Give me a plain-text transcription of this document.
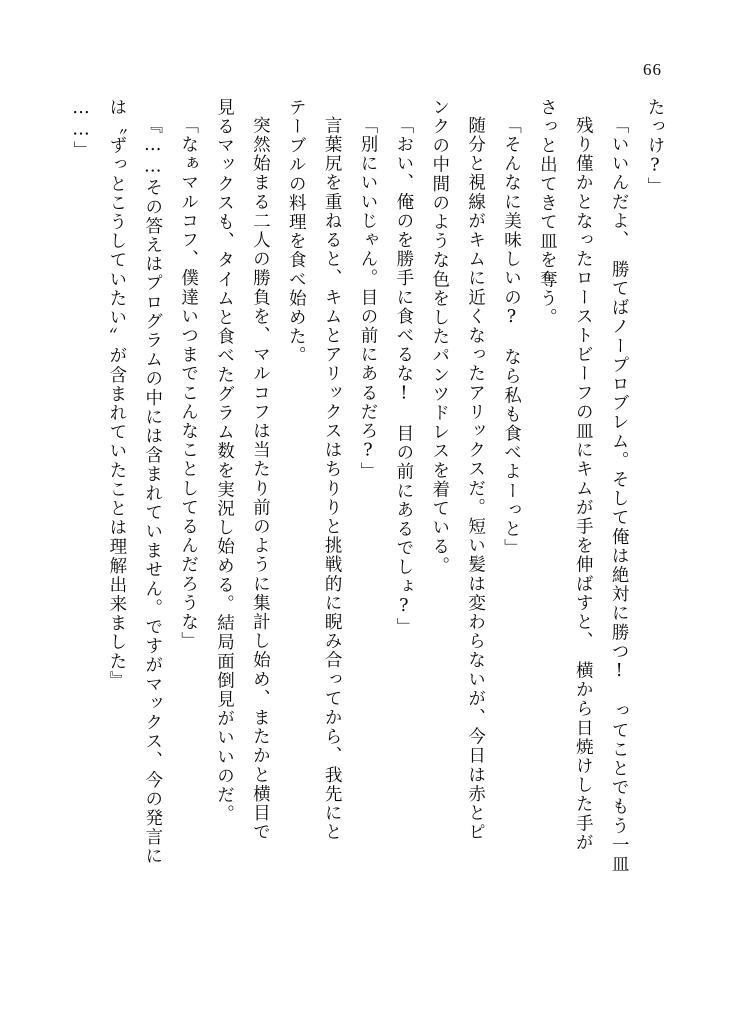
66

たっけ?」

「いいんだよ、　勝てばノープロブレム。そして俺は絶対に勝つ!　ってことでもう一皿

残り僅かとなったローストビーフの皿にキムが手を伸ばすと、　横から日焼けした手が

さっと出てきて皿を奪う。

「そんなに美味しいの?　なら私も食べよーっと」

随分と視線がキムに近くなったアリックスだ。短い髪は変わらないが、今日は赤とピ

ンクの中間のような色をしたパンツドレスを着ている。

「おい、俺のを勝手に食べるな!　目の前にあるでしょ?」

「別にいいじゃん。目の前にあるだろ?」

言葉尻を重ねると、キムとアリックスはちりりと挑戦的に睨み合ってから、我先にと

テーブルの料理を食べ始めた。

突然始まる二人の勝負を、マルコフは当たり前のように集計し始め、またかと横目で

見るマックスも、タイムと食べたグラム数を実況し始める。結局面倒見がいいのだ。

「なぁマルコフ、僕達いつまでこんなことしてるんだろうな」

『……その答えはプログラムの中には含まれていません。ですがマックス、今の発言に

は〝ずっとこうしていたい〟が含まれていたことは理解出来ました』

……」
